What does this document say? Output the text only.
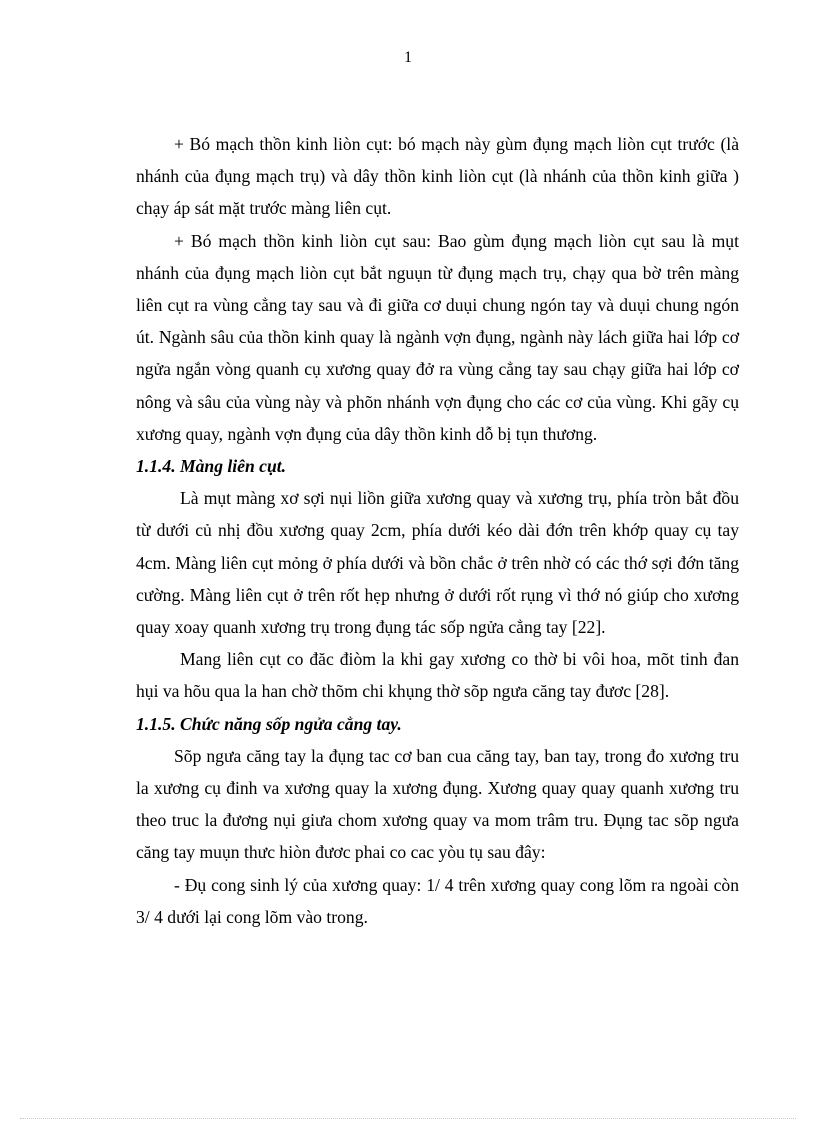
1

+ Bó mạch thồn kinh liòn cụt: bó mạch này gùm đụng mạch liòn cụt trước (là nhánh của đụng mạch trụ) và dây thồn kinh liòn cụt (là nhánh của thồn kinh giữa ) chạy áp sát mặt trước màng liên cụt.

+ Bó mạch thồn kinh liòn cụt sau: Bao gùm đụng mạch liòn cụt sau là mụt nhánh của đụng mạch liòn cụt bắt nguụn từ đụng mạch trụ, chạy qua bờ trên màng liên cụt ra vùng cẳng tay sau và đi giữa cơ duụi chung ngón tay và duụi chung ngón út. Ngành sâu của thồn kinh quay là ngành vợn đụng, ngành này lách giữa hai lớp cơ ngửa ngắn vòng quanh cụ xương quay đở ra vùng cẳng tay sau chạy giữa hai lớp cơ nông và sâu của vùng này và phõn nhánh vợn đụng cho các cơ của vùng. Khi gãy cụ xương quay, ngành vợn đụng của dây thồn kinh dỗ bị tụn thương.

1.1.4. Màng liên cụt.

Là mụt màng xơ sợi nụi liồn giữa xương quay và xương trụ, phía tròn bắt đồu từ dưới củ nhị đồu xương quay 2cm, phía dưới kéo dài đớn trên khớp quay cụ tay 4cm. Màng liên cụt mỏng ở phía dưới và bồn chắc ở trên nhờ có các thớ sợi đớn tăng cường. Màng liên cụt ở trên rốt hẹp nhưng ở dưới rốt rụng vì thớ nó giúp cho xương quay xoay quanh xương trụ trong đụng tác sốp ngửa cẳng tay [22].

Mang liên cụt co đăc điòm la khi gay xương co thờ bi vôi hoa, mõt tinh đan hụi va hõu qua la han chờ thõm chi khụng thờ sõp ngưa căng tay đươc [28].

1.1.5. Chức năng sốp ngửa cẳng tay.

Sõp ngưa căng tay la đụng tac cơ ban cua căng tay, ban tay, trong đo xương tru la xương cụ đinh va xương quay la xương đụng. Xương quay quay quanh xương tru theo truc la đương nụi giưa chom xương quay va mom trâm tru. Đụng tac sõp ngưa căng tay muụn thưc hiòn đươc phai co cac yòu tụ sau đây:

- Đụ cong sinh lý của xương quay: 1/ 4 trên xương quay cong lõm ra ngoài còn 3/ 4 dưới lại cong lõm vào trong.
